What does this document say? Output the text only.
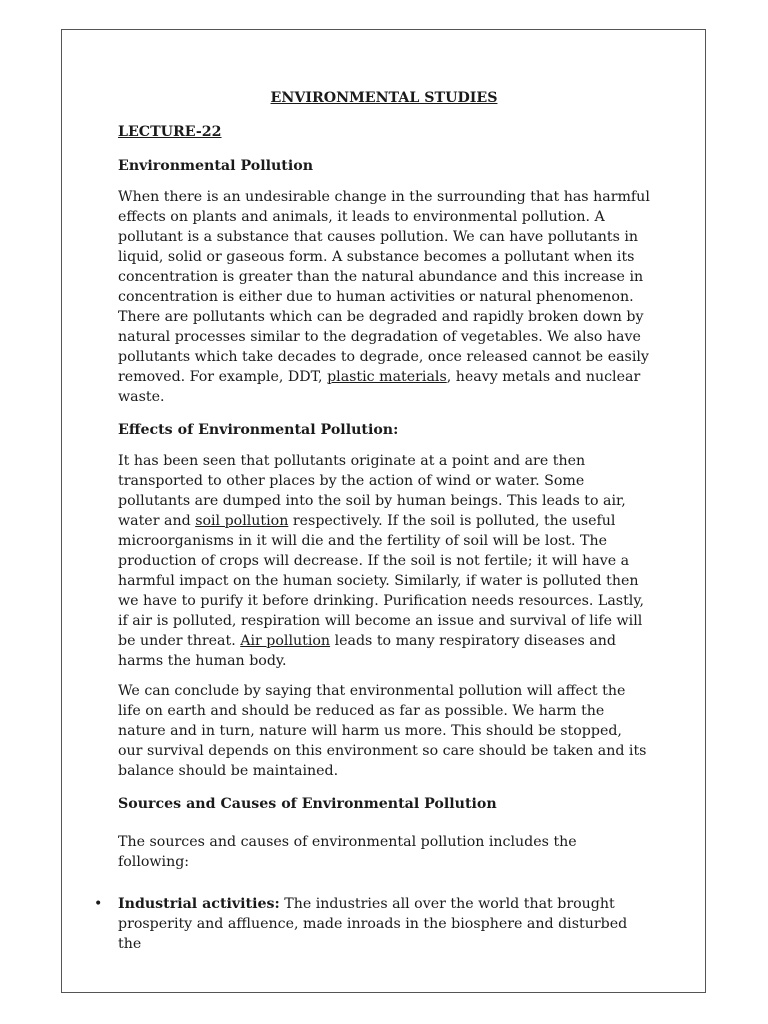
ENVIRONMENTAL STUDIES
LECTURE-22
Environmental Pollution

When there is an undesirable change in the surrounding that has harmful effects on plants and animals, it leads to environmental pollution. A pollutant is a substance that causes pollution. We can have pollutants in liquid, solid or gaseous form. A substance becomes a pollutant when its concentration is greater than the natural abundance and this increase in concentration is either due to human activities or natural phenomenon.  There are pollutants which can be degraded and rapidly broken down by natural processes similar to the degradation of vegetables. We also have pollutants which take decades to degrade, once released cannot be easily removed. For example, DDT, plastic materials, heavy metals and nuclear waste.

Effects of Environmental Pollution:

It has been seen that pollutants originate at a point and are then transported to other places by the action of wind or water. Some pollutants are dumped into the soil by human beings. This leads to air, water and soil pollution respectively. If the soil is polluted, the useful microorganisms in it will die and the fertility of soil will be lost. The production of crops will decrease. If the soil is not fertile; it will have a harmful impact on the human society. Similarly, if water is polluted then we have to purify it before drinking. Purification needs resources. Lastly, if air is polluted, respiration will become an issue and survival of life will be under threat. Air pollution leads to many respiratory diseases and harms the human body.

We can conclude by saying that environmental pollution will affect the life on earth and should be reduced as far as possible. We harm the nature and in turn, nature will harm us more. This should be stopped, our survival depends on this environment so care should be taken and its balance should be maintained.

Sources and Causes of Environmental Pollution

The sources and causes of environmental pollution includes the following:

• Industrial activities: The industries all over the world that brought prosperity and affluence, made inroads in the biosphere and disturbed the
